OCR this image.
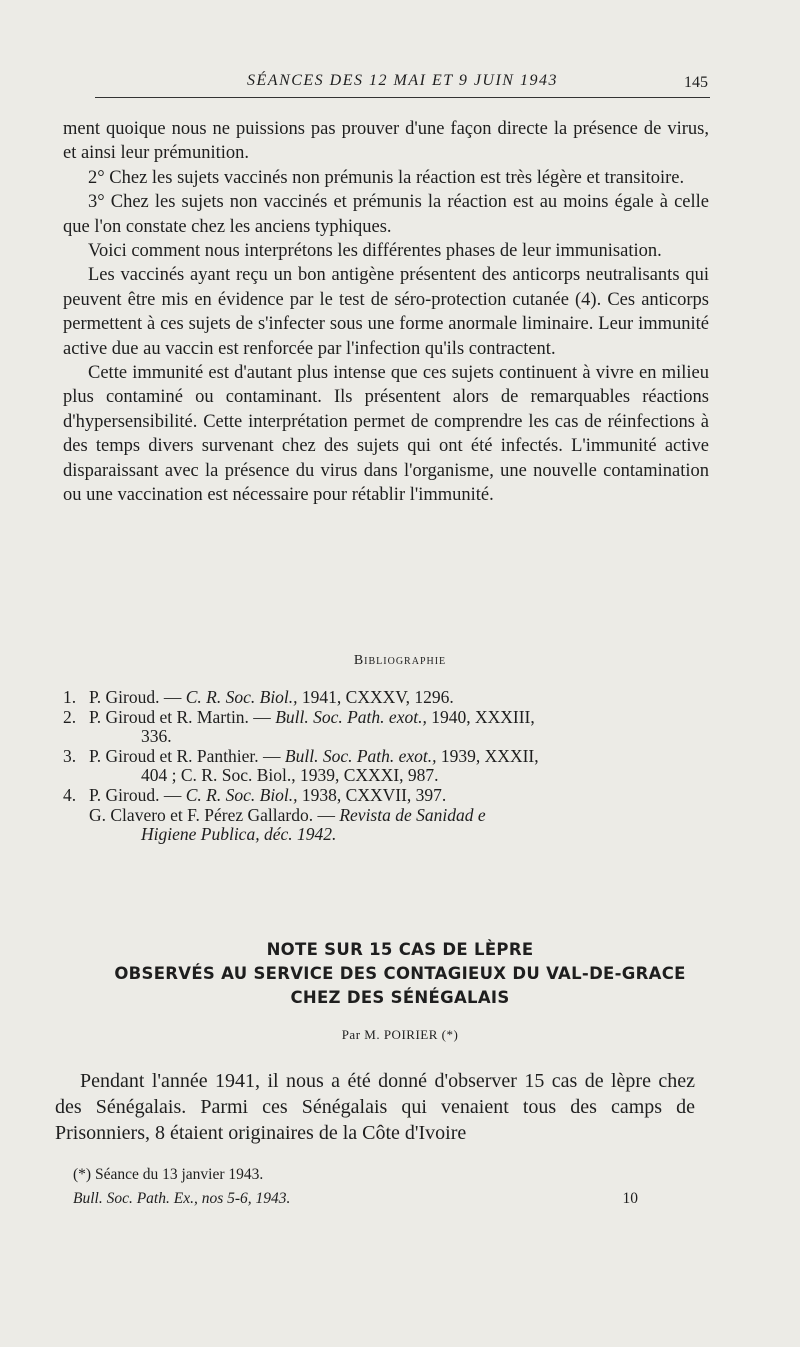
SÉANCES DES 12 MAI ET 9 JUIN 1943	145

ment quoique nous ne puissions pas prouver d'une façon directe la présence de virus, et ainsi leur prémunition.

2° Chez les sujets vaccinés non prémunis la réaction est très légère et transitoire.

3° Chez les sujets non vaccinés et prémunis la réaction est au moins égale à celle que l'on constate chez les anciens typhiques.

Voici comment nous interprétons les différentes phases de leur immunisation.

Les vaccinés ayant reçu un bon antigène présentent des anticorps neutralisants qui peuvent être mis en évidence par le test de séro-protection cutanée (4). Ces anticorps permettent à ces sujets de s'infecter sous une forme anormale liminaire. Leur immunité active due au vaccin est renforcée par l'infection qu'ils contractent.

Cette immunité est d'autant plus intense que ces sujets continuent à vivre en milieu plus contaminé ou contaminant. Ils présentent alors de remarquables réactions d'hypersensibilité. Cette interprétation permet de comprendre les cas de réinfections à des temps divers survenant chez des sujets qui ont été infectés. L'immunité active disparaissant avec la présence du virus dans l'organisme, une nouvelle contamination ou une vaccination est nécessaire pour rétablir l'immunité.

Bibliographie
1. P. Giroud. — C. R. Soc. Biol., 1941, CXXXV, 1296.
2. P. Giroud et R. Martin. — Bull. Soc. Path. exot., 1940, XXXIII,
336.
3. P. Giroud et R. Panthier. — Bull. Soc. Path. exot., 1939, XXXII,
404 ; C. R. Soc. Biol., 1939, CXXXI, 987.
4. P. Giroud. — C. R. Soc. Biol., 1938, CXXVII, 397.
G. Clavero et F. Pérez Gallardo. — Revista de Sanidad e
Higiene Publica, déc. 1942.
NOTE SUR 15 CAS DE LÈPRE
OBSERVÉS AU SERVICE DES CONTAGIEUX DU VAL-DE-GRACE
CHEZ DES SÉNÉGALAIS
Par M. POIRIER (*)

Pendant l'année 1941, il nous a été donné d'observer 15 cas de lèpre chez des Sénégalais. Parmi ces Sénégalais qui venaient tous des camps de Prisonniers, 8 étaient originaires de la Côte d'Ivoire

(*) Séance du 13 janvier 1943.
Bull. Soc. Path. Ex., nos 5-6, 1943.	10
